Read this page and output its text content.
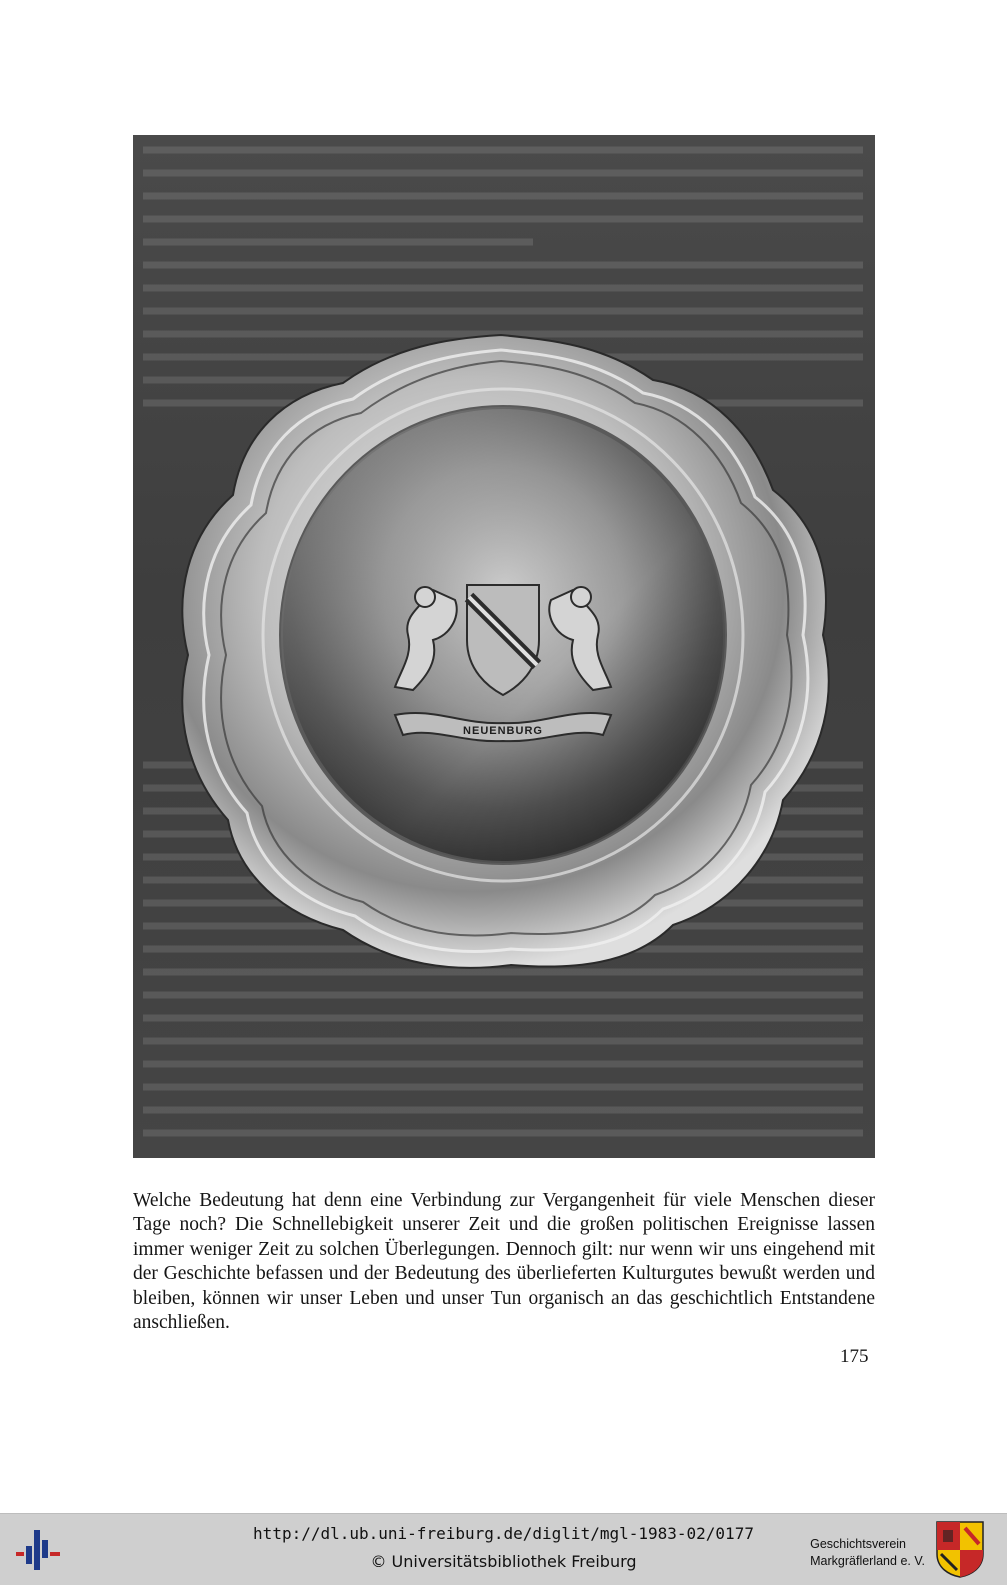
NEUENBURG

Welche Bedeutung hat denn eine Verbindung zur Vergangenheit für viele Menschen dieser Tage noch? Die Schnellebigkeit unserer Zeit und die großen politischen Ereignisse lassen immer weniger Zeit zu solchen Überlegungen. Dennoch gilt: nur wenn wir uns eingehend mit der Geschichte befassen und der Bedeutung des überlieferten Kulturgutes bewußt werden und bleiben, können wir unser Leben und unser Tun organisch an das geschichtlich Entstandene anschließen.

175
http://dl.ub.uni-freiburg.de/diglit/mgl-1983-02/0177
© Universitätsbibliothek Freiburg
Geschichtsverein
Markgräflerland e. V.
